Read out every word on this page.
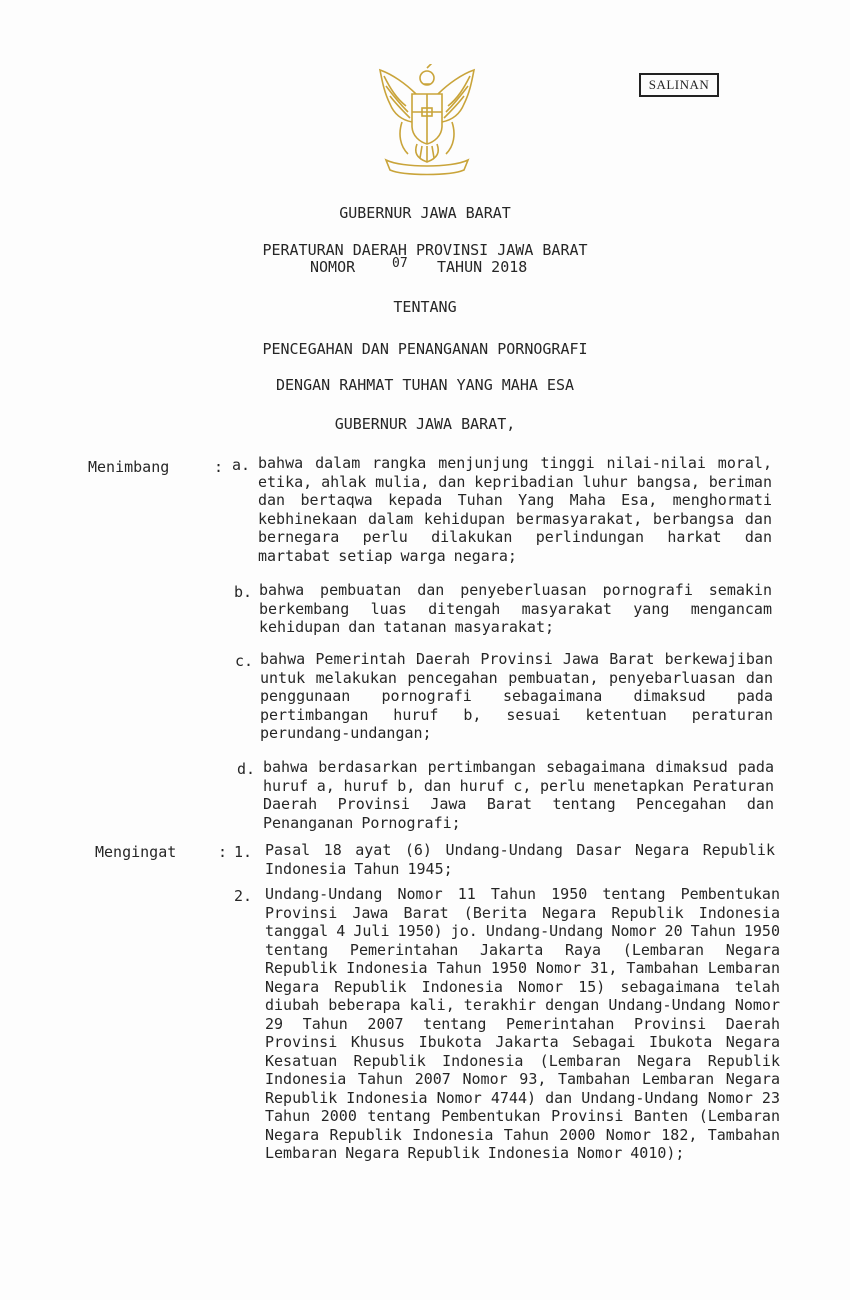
SALINAN
GUBERNUR JAWA BARAT
PERATURAN DAERAH PROVINSI JAWA BARAT
NOMOR	07 TAHUN 2018
TENTANG
PENCEGAHAN DAN PENANGANAN PORNOGRAFI
DENGAN RAHMAT TUHAN YANG MAHA ESA
GUBERNUR JAWA BARAT,
Menimbang	: a. bahwa dalam rangka menjunjung tinggi nilai-nilai moral, etika, ahlak mulia, dan kepribadian luhur bangsa, beriman dan bertaqwa kepada Tuhan Yang Maha Esa, menghormati kebhinekaan dalam kehidupan bermasyarakat, berbangsa dan bernegara perlu dilakukan perlindungan harkat dan martabat setiap warga negara;
b. bahwa pembuatan dan penyeberluasan pornografi semakin berkembang luas ditengah masyarakat yang mengancam kehidupan dan tatanan masyarakat;
c. bahwa Pemerintah Daerah Provinsi Jawa Barat berkewajiban untuk melakukan pencegahan pembuatan, penyebarluasan dan penggunaan pornografi sebagaimana dimaksud pada pertimbangan huruf b, sesuai ketentuan peraturan perundang-undangan;
d. bahwa berdasarkan pertimbangan sebagaimana dimaksud pada huruf a, huruf b, dan huruf c, perlu menetapkan Peraturan Daerah Provinsi Jawa Barat tentang Pencegahan dan Penanganan Pornografi;
Mengingat	: 1. Pasal 18 ayat (6) Undang-Undang Dasar Negara Republik Indonesia Tahun 1945;
2. Undang-Undang Nomor 11 Tahun 1950 tentang Pembentukan Provinsi Jawa Barat (Berita Negara Republik Indonesia tanggal 4 Juli 1950) jo. Undang-Undang Nomor 20 Tahun 1950 tentang Pemerintahan Jakarta Raya (Lembaran Negara Republik Indonesia Tahun 1950 Nomor 31, Tambahan Lembaran Negara Republik Indonesia Nomor 15) sebagaimana telah diubah beberapa kali, terakhir dengan Undang-Undang Nomor 29 Tahun 2007 tentang Pemerintahan Provinsi Daerah Provinsi Khusus Ibukota Jakarta Sebagai Ibukota Negara Kesatuan Republik Indonesia (Lembaran Negara Republik Indonesia Tahun 2007 Nomor 93, Tambahan Lembaran Negara Republik Indonesia Nomor 4744) dan Undang-Undang Nomor 23 Tahun 2000 tentang Pembentukan Provinsi Banten (Lembaran Negara Republik Indonesia Tahun 2000 Nomor 182, Tambahan Lembaran Negara Republik Indonesia Nomor 4010);
